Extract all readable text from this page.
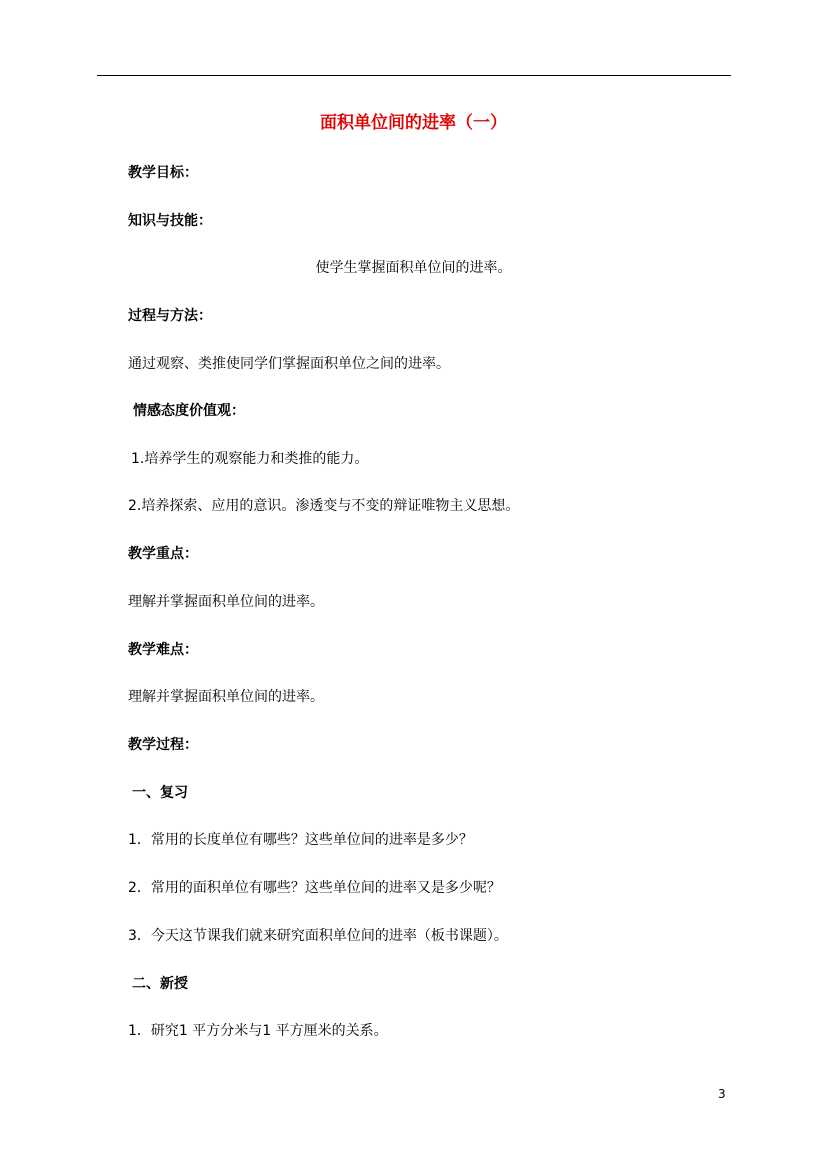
面积单位间的进率（一）
教学目标：
知识与技能：
使学生掌握面积单位间的进率。
过程与方法：
通过观察、类推使同学们掌握面积单位之间的进率。
情感态度价值观：
1.培养学生的观察能力和类推的能力。
2.培养探索、应用的意识。渗透变与不变的辩证唯物主义思想。
教学重点：
理解并掌握面积单位间的进率。
教学难点：
理解并掌握面积单位间的进率。
教学过程：
一、复习
1．常用的长度单位有哪些？这些单位间的进率是多少？
2．常用的面积单位有哪些？这些单位间的进率又是多少呢？
3．今天这节课我们就来研究面积单位间的进率（板书课题）。
二、新授
1．研究1 平方分米与1 平方厘米的关系。
3
